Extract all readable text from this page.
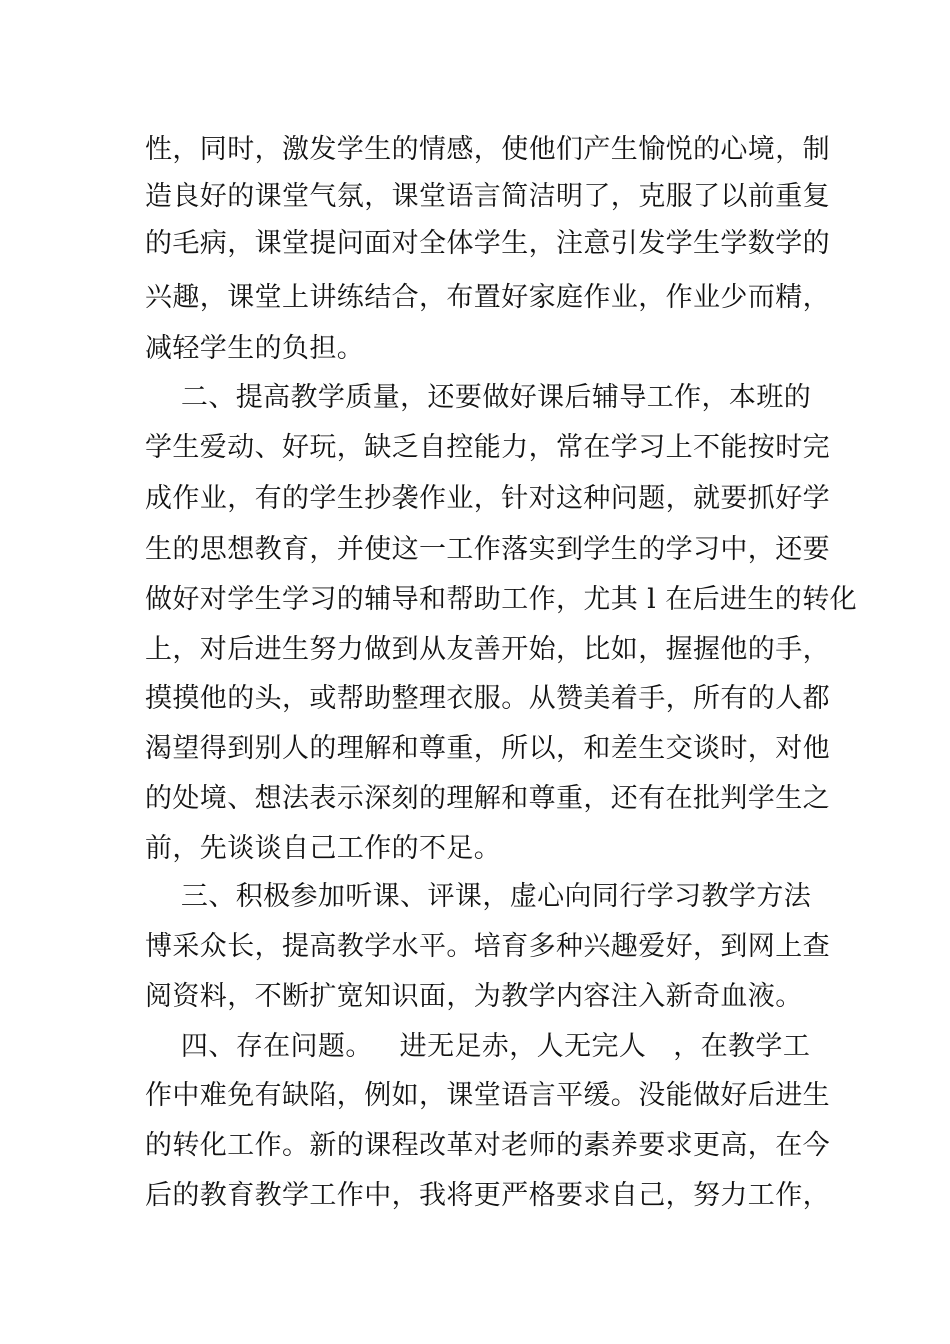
性，同时，激发学生的情感，使他们产生愉悦的心境，制
造良好的课堂气氛，课堂语言简洁明了，克服了以前重复
的毛病，课堂提问面对全体学生，注意引发学生学数学的
兴趣，课堂上讲练结合，布置好家庭作业，作业少而精，
减轻学生的负担。
二、提高教学质量，还要做好课后辅导工作，本班的
学生爱动、好玩，缺乏自控能力，常在学习上不能按时完
成作业，有的学生抄袭作业，针对这种问题，就要抓好学
生的思想教育，并使这一工作落实到学生的学习中，还要
做好对学生学习的辅导和帮助工作，尤其 l 在后进生的转化
上，对后进生努力做到从友善开始，比如，握握他的手，
摸摸他的头，或帮助整理衣服。从赞美着手，所有的人都
渴望得到别人的理解和尊重，所以，和差生交谈时，对他
的处境、想法表示深刻的理解和尊重，还有在批判学生之
前，先谈谈自己工作的不足。
三、积极参加听课、评课，虚心向同行学习教学方法
博采众长，提高教学水平。培育多种兴趣爱好，到网上查
阅资料，不断扩宽知识面，为教学内容注入新奇血液。
四、存在问题。   进无足赤，人无完人   ，在教学工
作中难免有缺陷，例如，课堂语言平缓。没能做好后进生
的转化工作。新的课程改革对老师的素养要求更高，在今
后的教育教学工作中，我将更严格要求自己，努力工作，
